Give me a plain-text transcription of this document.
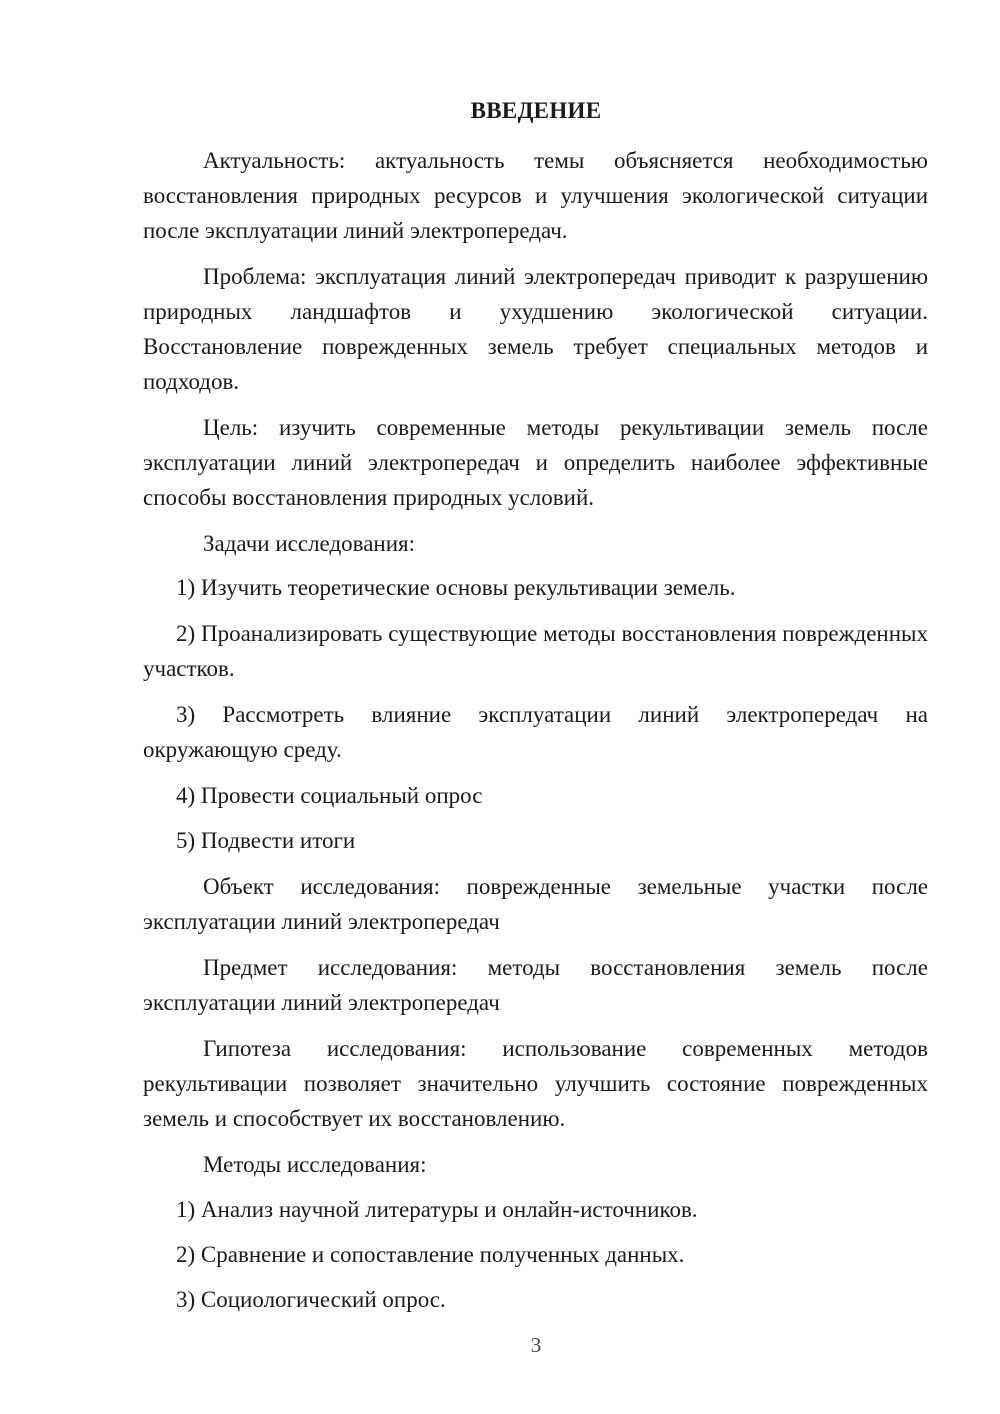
ВВЕДЕНИЕ
Актуальность: актуальность темы объясняется необходимостью восстановления природных ресурсов и улучшения экологической ситуации после эксплуатации линий электропередач.
Проблема: эксплуатация линий электропередач приводит к разрушению природных ландшафтов и ухудшению экологической ситуации. Восстановление поврежденных земель требует специальных методов и подходов.
Цель: изучить современные методы рекультивации земель после эксплуатации линий электропередач и определить наиболее эффективные способы восстановления природных условий.
Задачи исследования:
1) Изучить теоретические основы рекультивации земель.
2) Проанализировать существующие методы восстановления поврежденных участков.
3) Рассмотреть влияние эксплуатации линий электропередач на окружающую среду.
4) Провести социальный опрос
5) Подвести итоги
Объект исследования: поврежденные земельные участки после эксплуатации линий электропередач
Предмет исследования: методы восстановления земель после эксплуатации линий электропередач
Гипотеза исследования: использование современных методов рекультивации позволяет значительно улучшить состояние поврежденных земель и способствует их восстановлению.
Методы исследования:
1) Анализ научной литературы и онлайн-источников.
2) Сравнение и сопоставление полученных данных.
3) Социологический опрос.
3
